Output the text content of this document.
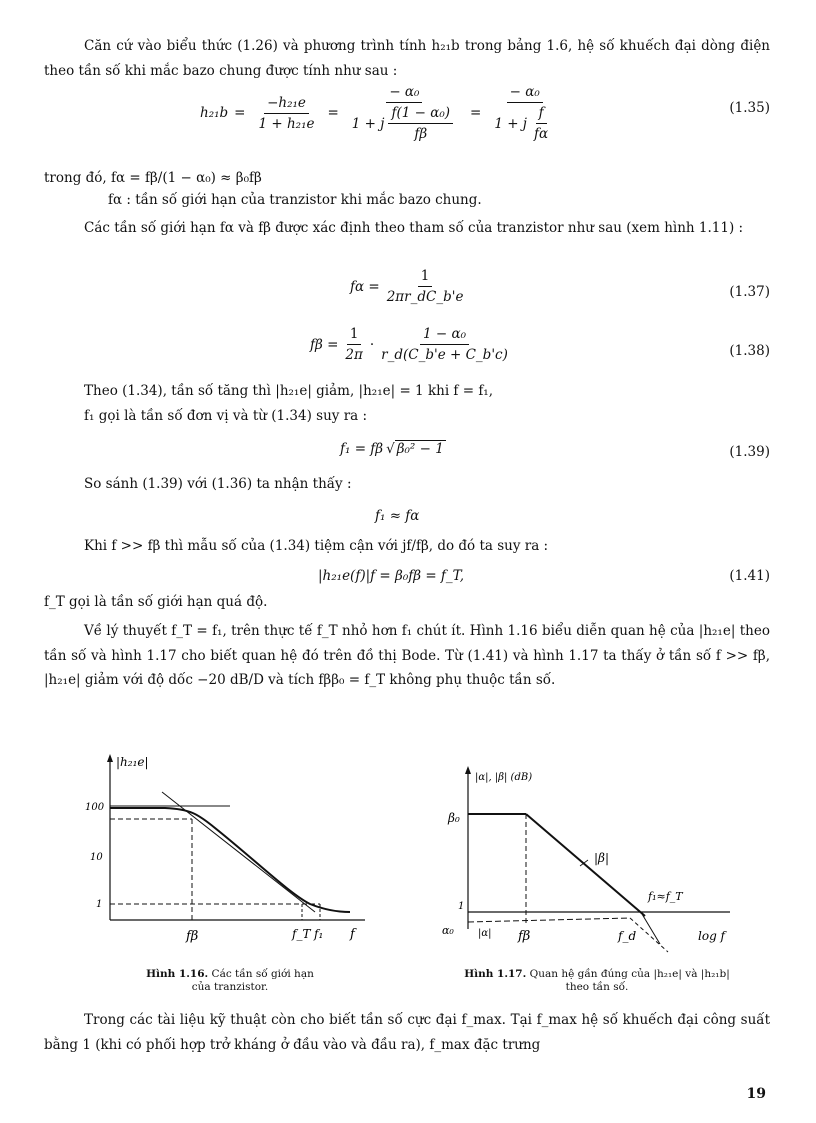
Căn cứ vào biểu thức (1.26) và phương trình tính h₂₁b trong bảng 1.6, hệ số khuếch đại dòng điện theo tần số khi mắc bazo chung được tính như sau :
$h_{21}b = \frac{\text{−h₂₁e}}{\text{1 + h₂₁e}} = \frac{\text{− α₀}}{1 + j \frac{\text{f(1 − α₀)}}{f\beta}} = \frac{\text{− α₀}}{1 + j \frac{f}{f\alpha}}$	(1.35)
trong đó, fα = fβ/(1 − α₀) ≈ β₀fβ
fα : tần số giới hạn của tranzistor khi mắc bazo chung.
Các tần số giới hạn fα và fβ được xác định theo tham số của tranzistor như sau (xem hình 1.11) :
$f\alpha = \frac{1}{2\pi r\_dC\_b'e}$	(1.37)
$f\beta = \frac{1}{2\pi} \cdot \frac{\text{1 − α₀}}{r\_d(C\_b'e + C\_b'c)}$	(1.38)
Theo (1.34), tần số tăng thì |h₂₁e| giảm, |h₂₁e| = 1 khi f = f₁,
f₁ gọi là tần số đơn vị và từ (1.34) suy ra :
f₁ = fβ √ β₀² − 1	(1.39)
So sánh (1.39) với (1.36) ta nhận thấy :
f₁ ≈ fα
Khi f >> fβ thì mẫu số của (1.34) tiệm cận với jf/fβ, do đó ta suy ra :
|h₂₁e(f)|f = β₀fβ = f_T,	(1.41)
f_T gọi là tần số giới hạn quá độ.
Về lý thuyết f_T = f₁, trên thực tế f_T nhỏ hơn f₁ chút ít. Hình 1.16 biểu diễn quan hệ của |h₂₁e| theo tần số và hình 1.17 cho biết quan hệ đó trên đồ thị Bode. Từ (1.41) và hình 1.17 ta thấy ở tần số f >> fβ, |h₂₁e| giảm với độ dốc −20 dB/D và tích fββ₀ = f_T không phụ thuộc tần số.
|h₂₁e|
100
10
1
fβ	f_T f₁ f
Hình 1.16. Các tần số giới hạn
của tranzistor.
|α|, |β| (dB)
β₀
1
α₀
|β|
|α|
f₁≈f_T
fβ	f_d	log f
Hình 1.17. Quan hệ gần đúng của |h₂₁e| và |h₂₁b|
theo tần số.
Trong các tài liệu kỹ thuật còn cho biết tần số cực đại f_max. Tại f_max hệ số khuếch đại công suất bằng 1 (khi có phối hợp trở kháng ở đầu vào và đầu ra), f_max đặc trưng
19
